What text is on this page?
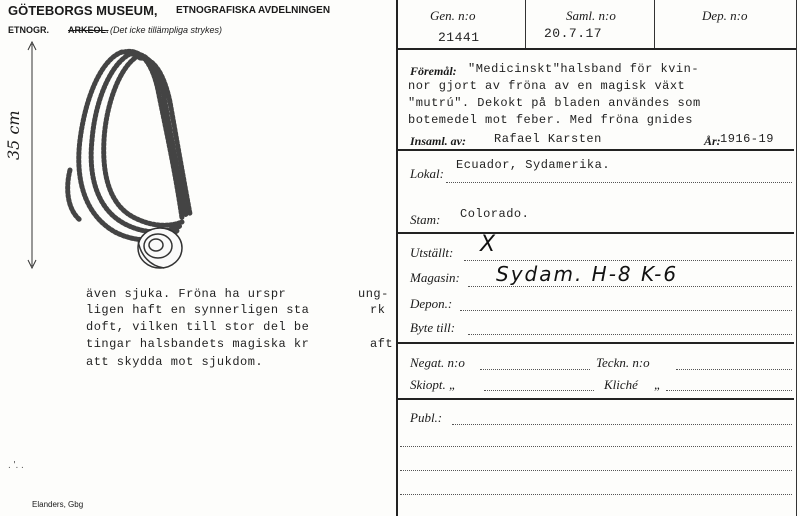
GÖTEBORGS MUSEUM, ETNOGRAFISKA AVDELNINGEN
ETNOGR. ARKEOL. (Det icke tillämpliga strykes)
35 cm
även sjuka. Fröna ha urspr
ligen haft en synnerligen sta
doft, vilken till stor del be
tingar halsbandets magiska kr
att skydda mot sjukdom.
ung-
rk
aft
. '. .
Elanders, Gbg
Gen. n:o
21441
Saml. n:o
20.7.17
Dep. n:o
Föremål: "Medicinskt"halsband för kvin-
nor gjort av fröna av en magisk växt
"mutrú". Dekokt på bladen användes som
botemedel mot feber. Med fröna gnides
Insaml. av: Rafael Karsten	År: 1916-19
Lokal:
Ecuador, Sydamerika.
Stam: Colorado.
Utställt: X
Magasin: Sydam. H-8 K-6
Depon.:
Byte till:
Negat. n:o	Teckn. n:o
Skiopt. „	Kliché „
Publ.:
